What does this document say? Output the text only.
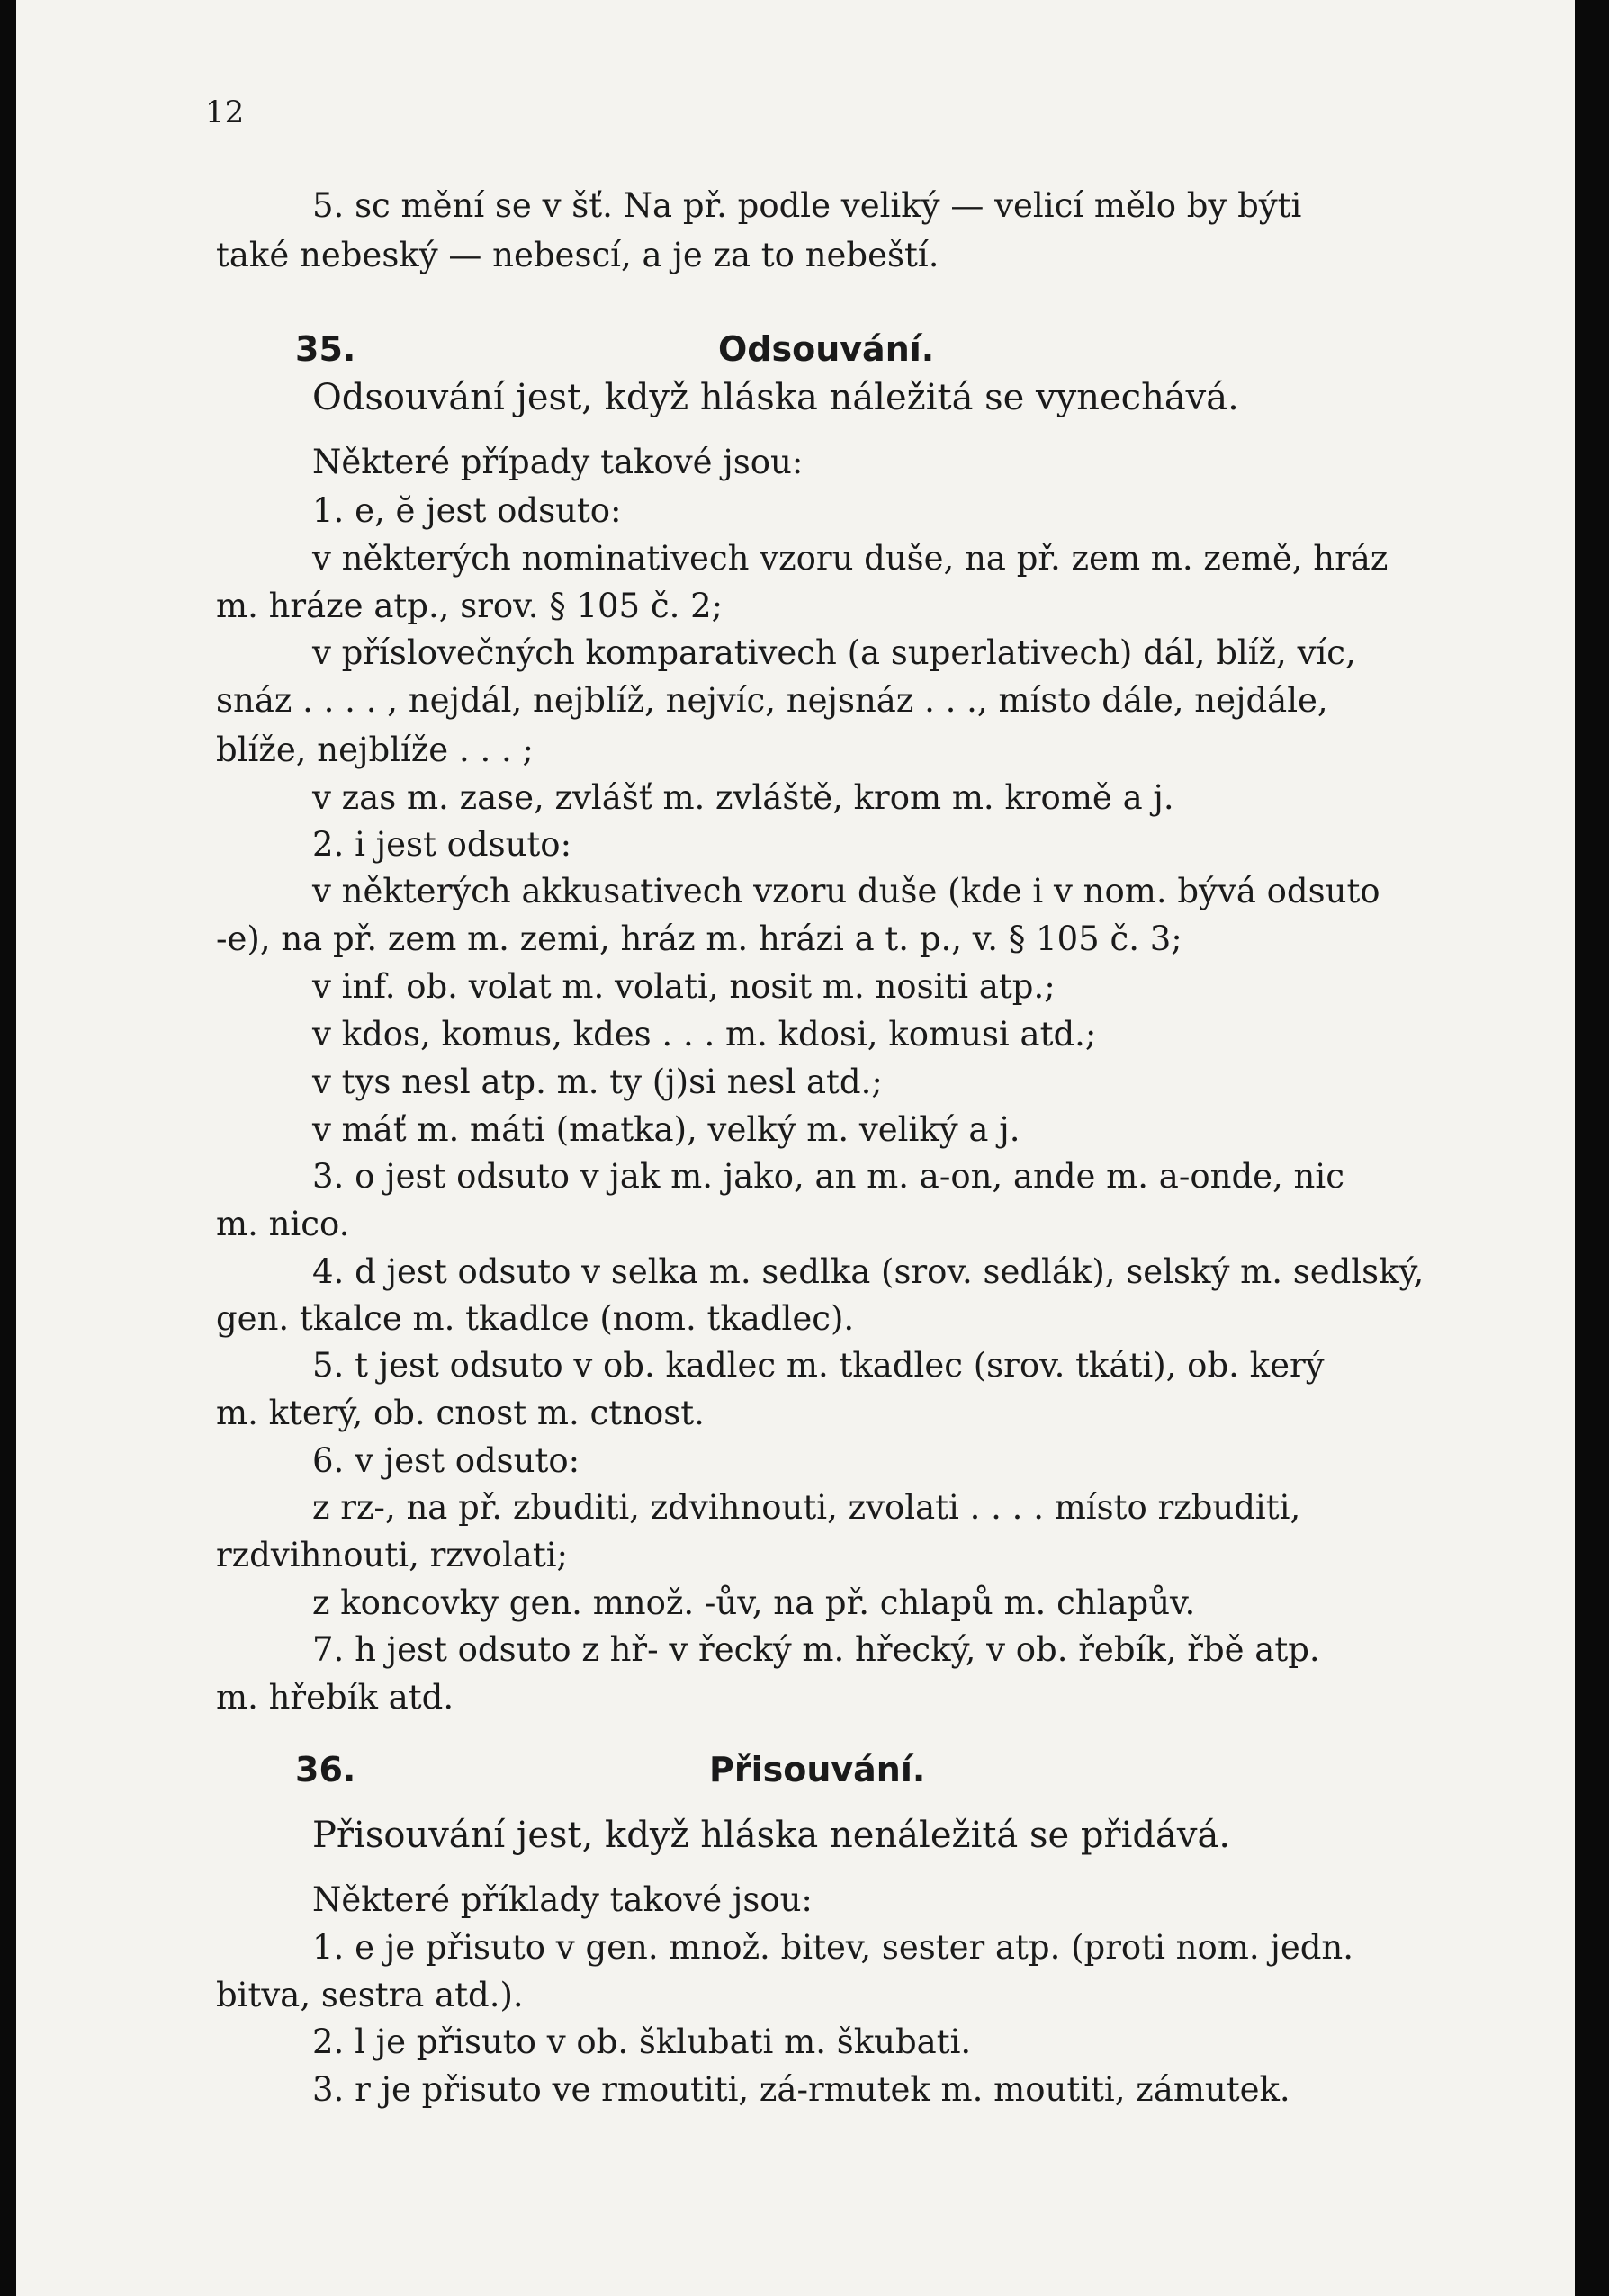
12
35.	Odsouvání.
36.	Přisouvání.
5. sc mění se v šť. Na př. podle veliký — velicí mělo by býti
také nebeský — nebescí, a je za to nebeští.
Odsouvání jest, když hláska náležitá se vynechává.
Některé případy takové jsou:
1. e, ĕ jest odsuto:
v některých nominativech vzoru duše, na př. zem m. země, hráz
m. hráze atp., srov. § 105 č. 2;
v příslovečných komparativech (a superlativech) dál, blíž, víc,
snáz . . . . , nejdál, nejblíž, nejvíc, nejsnáz . . ., místo dále, nejdále,
blíže, nejblíže . . . ;
v zas m. zase, zvlášť m. zvláště, krom m. kromě a j.
2. i jest odsuto:
v některých akkusativech vzoru duše (kde i v nom. bývá odsuto
-e), na př. zem m. zemi, hráz m. hrázi a t. p., v. § 105 č. 3;
v inf. ob. volat m. volati, nosit m. nositi atp.;
v kdos, komus, kdes . . . m. kdosi, komusi atd.;
v tys nesl atp. m. ty (j)si nesl atd.;
v máť m. máti (matka), velký m. veliký a j.
3. o jest odsuto v jak m. jako, an m. a-on, ande m. a-onde, nic
m. nico.
4. d jest odsuto v selka m. sedlka (srov. sedlák), selský m. sedlský,
gen. tkalce m. tkadlce (nom. tkadlec).
5. t jest odsuto v ob. kadlec m. tkadlec (srov. tkáti), ob. kerý
m. který, ob. cnost m. ctnost.
6. v jest odsuto:
z rz-, na př. zbuditi, zdvihnouti, zvolati . . . . místo rzbuditi,
rzdvihnouti, rzvolati;
z koncovky gen. množ. -ův, na př. chlapů m. chlapův.
7. h jest odsuto z hř- v řecký m. hřecký, v ob. řebík, řbě atp.
m. hřebík atd.
Přisouvání jest, když hláska nenáležitá se přidává.
Některé příklady takové jsou:
1. e je přisuto v gen. množ. bitev, sester atp. (proti nom. jedn.
bitva, sestra atd.).
2. l je přisuto v ob. šklubati m. škubati.
3. r je přisuto ve rmoutiti, zá-rmutek m. moutiti, zámutek.
